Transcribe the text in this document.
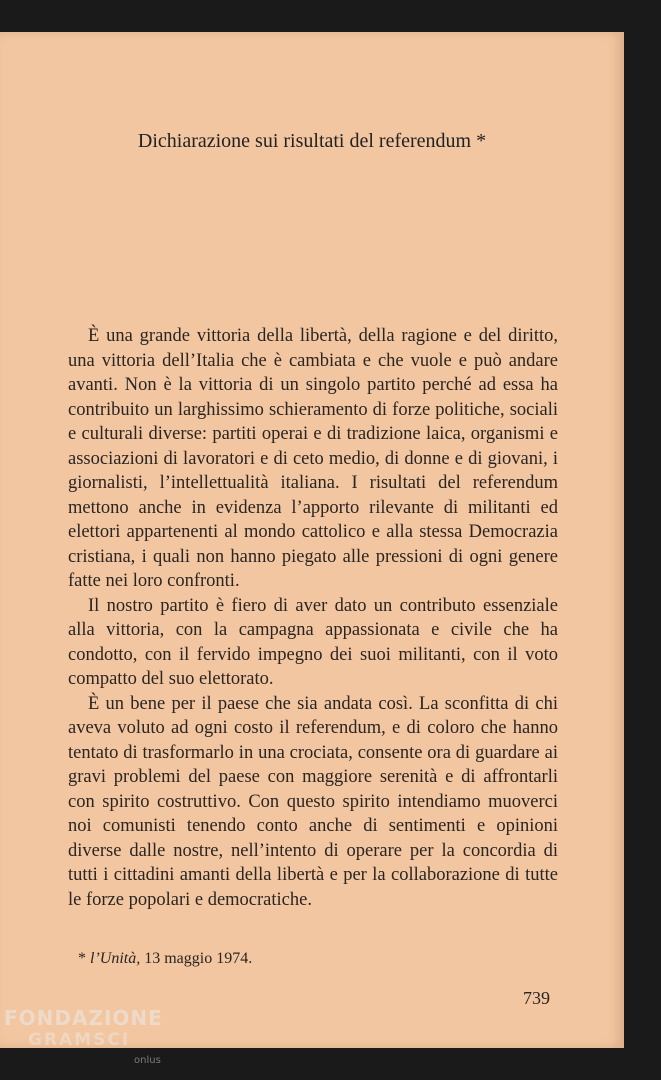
Dichiarazione sui risultati del referendum *

È una grande vittoria della libertà, della ragione e del diritto, una vittoria dell’Italia che è cambiata e che vuole e può andare avanti. Non è la vittoria di un singolo partito perché ad essa ha contribuito un larghissimo schieramento di forze politiche, sociali e culturali diverse: partiti operai e di tradizione laica, organismi e associazioni di lavoratori e di ceto medio, di donne e di giovani, i giornalisti, l’intellettualità italiana. I risultati del referendum mettono anche in evidenza l’apporto rilevante di militanti ed elettori appartenenti al mondo cattolico e alla stessa Democrazia cristiana, i quali non hanno piegato alle pressioni di ogni genere fatte nei loro confronti.

Il nostro partito è fiero di aver dato un contributo essenziale alla vittoria, con la campagna appassionata e civile che ha condotto, con il fervido impegno dei suoi militanti, con il voto compatto del suo elettorato.

È un bene per il paese che sia andata così. La sconfitta di chi aveva voluto ad ogni costo il referendum, e di coloro che hanno tentato di trasformarlo in una crociata, consente ora di guardare ai gravi problemi del paese con maggiore serenità e di affrontarli con spirito costruttivo. Con questo spirito intendiamo muoverci noi comunisti tenendo conto anche di sentimenti e opinioni diverse dalle nostre, nell’intento di operare per la concordia di tutti i cittadini amanti della libertà e per la collaborazione di tutte le forze popolari e democratiche.

* l’Unità, 13 maggio 1974.
739
FONDAZIONE
GRAMSCI
onlus
